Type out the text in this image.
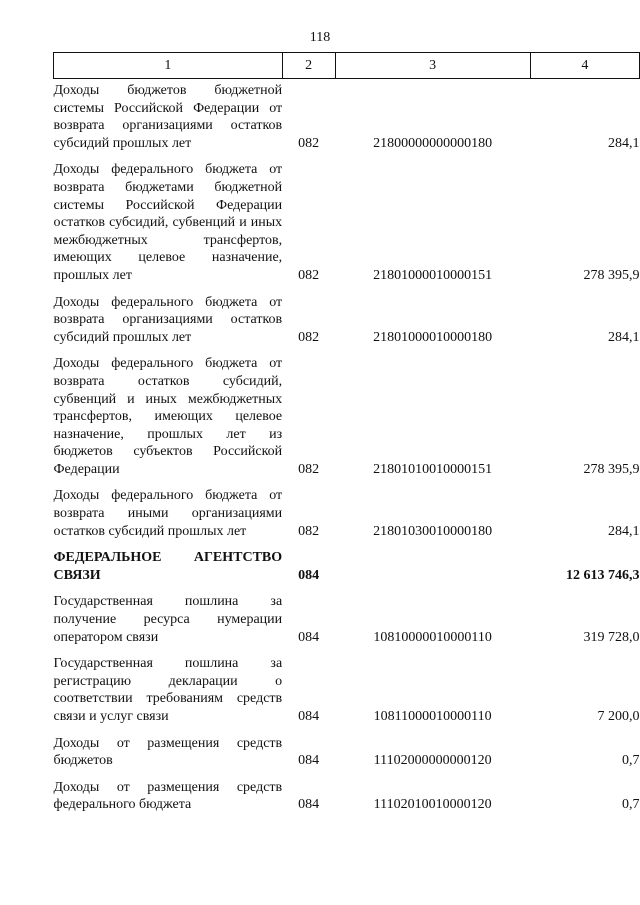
118
1	2	3	4
Доходы бюджетов бюджетной системы Российской Федерации от возврата организациями остатков субсидий прошлых лет	082	21800000000000180	284,1
Доходы федерального бюджета от возврата бюджетами бюджетной системы Российской Федерации остатков субсидий, субвенций и иных межбюджетных трансфертов, имеющих целевое назначение, прошлых лет	082	21801000010000151	278 395,9
Доходы федерального бюджета от возврата организациями остатков субсидий прошлых лет	082	21801000010000180	284,1
Доходы федерального бюджета от возврата остатков субсидий, субвенций и иных межбюджетных трансфертов, имеющих целевое назначение, прошлых лет из бюджетов субъектов Российской Федерации	082	21801010010000151	278 395,9
Доходы федерального бюджета от возврата иными организациями остатков субсидий прошлых лет	082	21801030010000180	284,1
ФЕДЕРАЛЬНОЕ АГЕНТСТВО СВЯЗИ	084		12 613 746,3
Государственная пошлина за получение ресурса нумерации оператором связи	084	10810000010000110	319 728,0
Государственная пошлина за регистрацию декларации о соответствии требованиям средств связи и услуг связи	084	10811000010000110	7 200,0
Доходы от размещения средств бюджетов	084	11102000000000120	0,7
Доходы от размещения средств федерального бюджета	084	11102010010000120	0,7
